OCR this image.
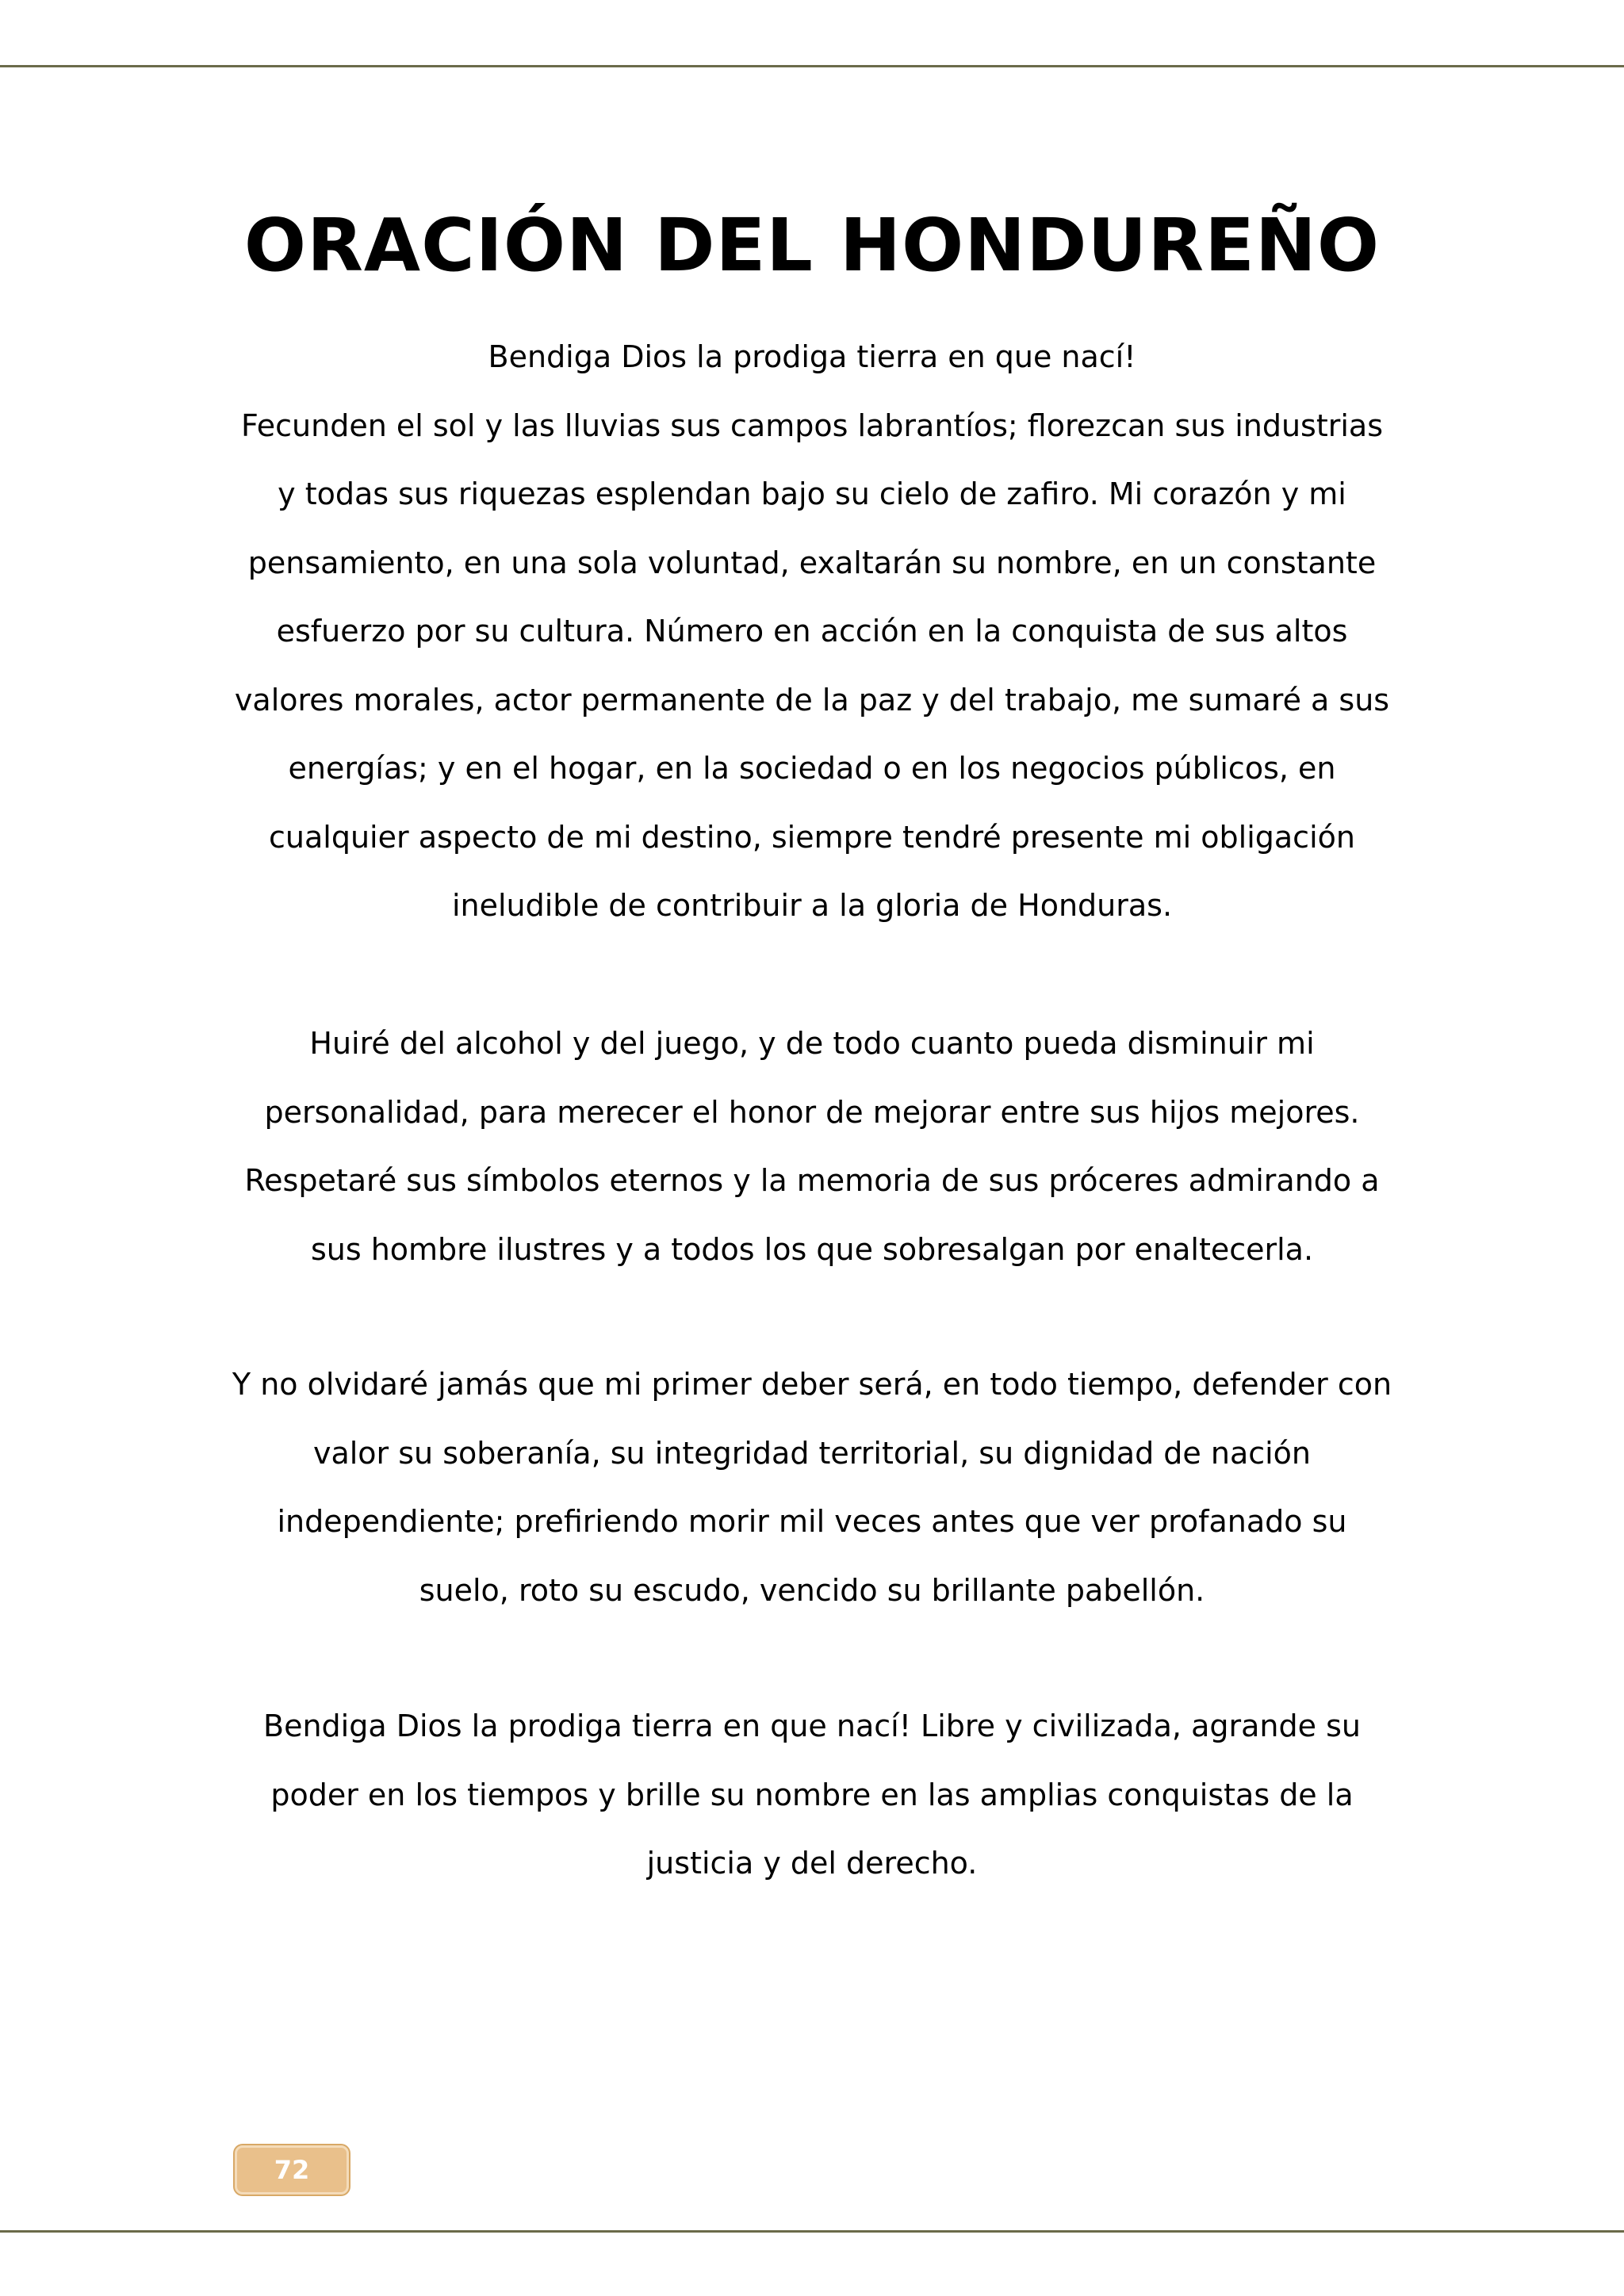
ORACIÓN DEL HONDUREÑO
Bendiga Dios la prodiga tierra en que nací!
Fecunden el sol y las lluvias sus campos labrantíos; florezcan sus industrias
y todas sus riquezas esplendan bajo su cielo de zafiro. Mi corazón y mi
pensamiento, en una sola voluntad, exaltarán su nombre, en un constante
esfuerzo por su cultura. Número en acción en la conquista de sus altos
valores morales, actor permanente de la paz y del trabajo, me sumaré a sus
energías; y en el hogar, en la sociedad o en los negocios públicos, en
cualquier aspecto de mi destino, siempre tendré presente mi obligación
ineludible de contribuir a la gloria de Honduras.
Huiré del alcohol y del juego, y de todo cuanto pueda disminuir mi
personalidad, para merecer el honor de mejorar entre sus hijos mejores.
Respetaré sus símbolos eternos y la memoria de sus próceres admirando a
sus hombre ilustres y a todos los que sobresalgan por enaltecerla.
Y no olvidaré jamás que mi primer deber será, en todo tiempo, defender con
valor su soberanía, su integridad territorial, su dignidad de nación
independiente; prefiriendo morir mil veces antes que ver profanado su
suelo, roto su escudo, vencido su brillante pabellón.
Bendiga Dios la prodiga tierra en que nací! Libre y civilizada, agrande su
poder en los tiempos y brille su nombre en las amplias conquistas de la
justicia y del derecho.
72
